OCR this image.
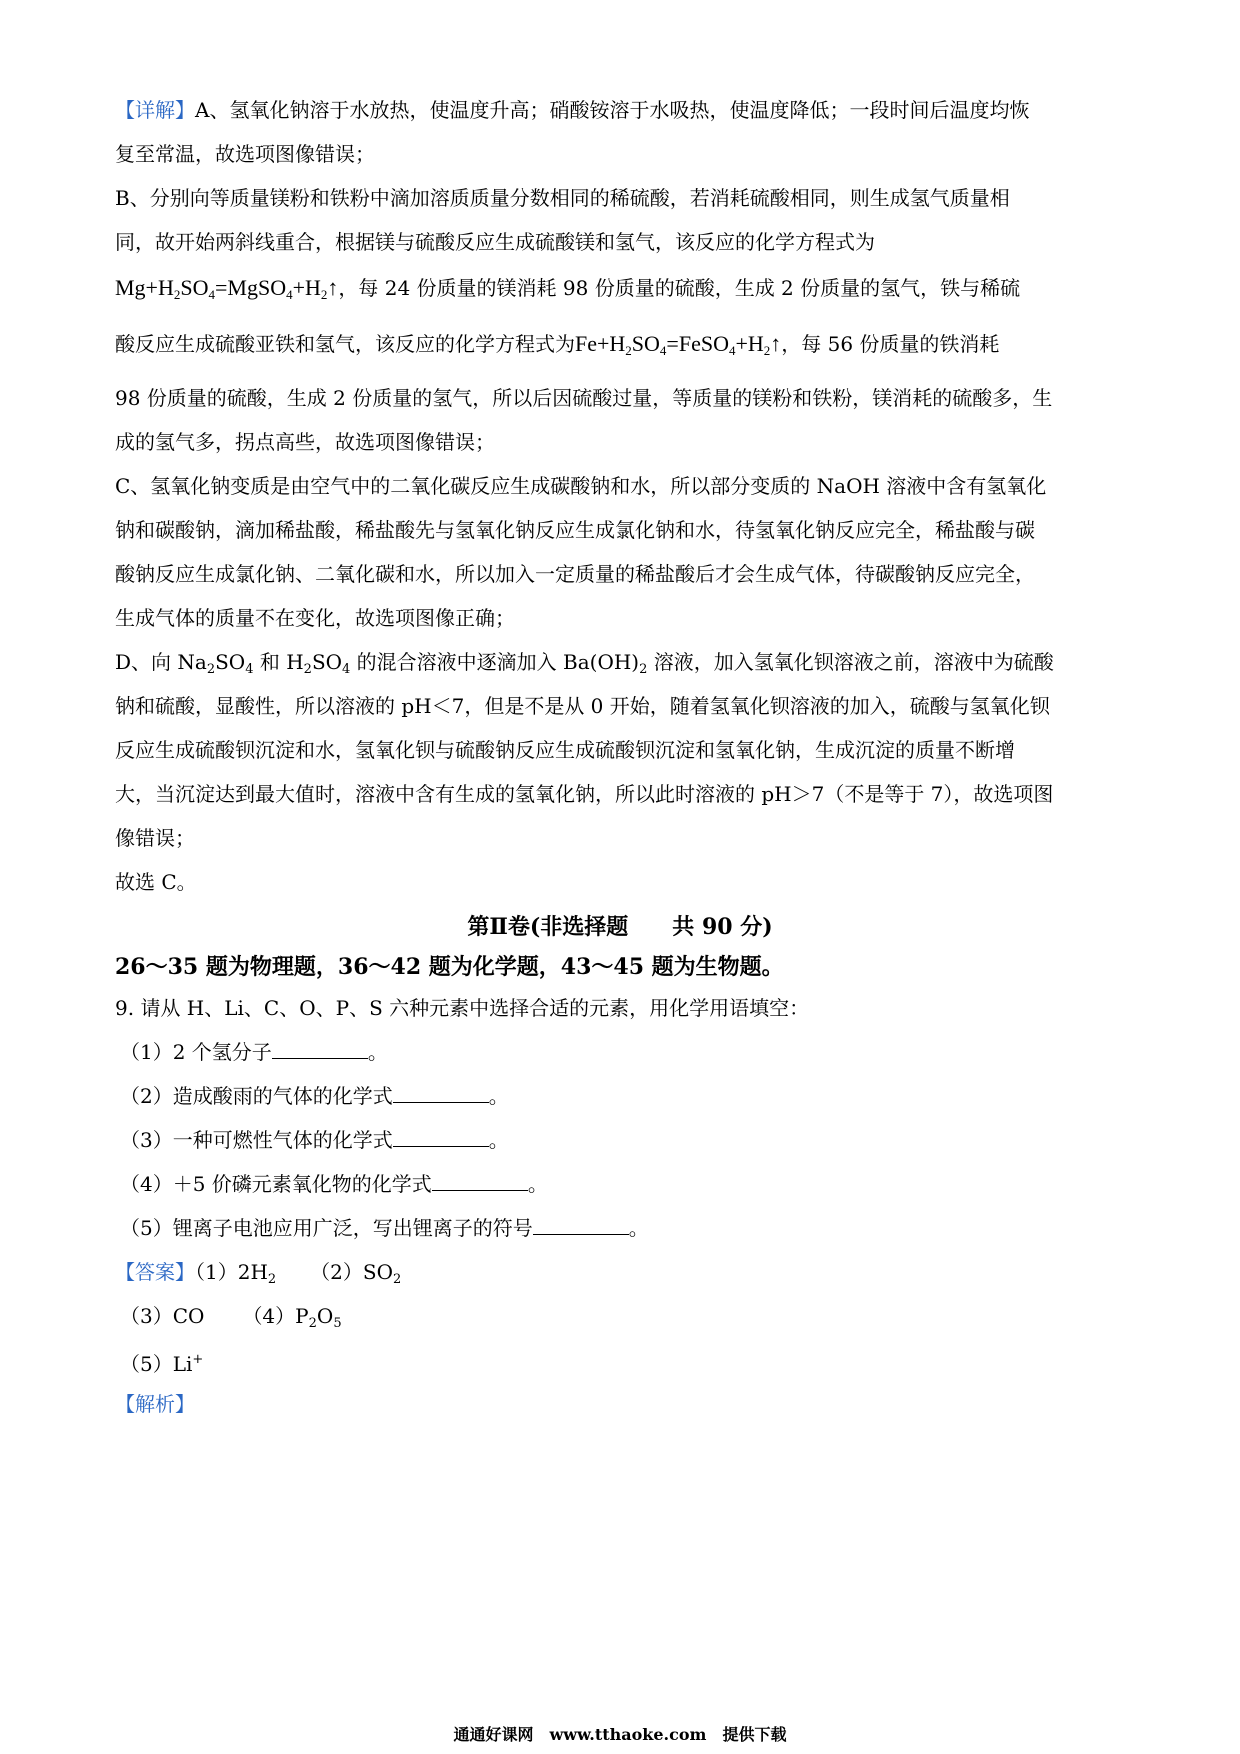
【详解】A、氢氧化钠溶于水放热，使温度升高；硝酸铵溶于水吸热，使温度降低；一段时间后温度均恢
复至常温，故选项图像错误；
B、分别向等质量镁粉和铁粉中滴加溶质质量分数相同的稀硫酸，若消耗硫酸相同，则生成氢气质量相
同，故开始两斜线重合，根据镁与硫酸反应生成硫酸镁和氢气，该反应的化学方程式为
$Mg+H_2SO_4=MgSO_4+H_2↑$，每 24 份质量的镁消耗 98 份质量的硫酸，生成 2 份质量的氢气，铁与稀硫
酸反应生成硫酸亚铁和氢气，该反应的化学方程式为$Fe+H_2SO_4=FeSO_4+H_2↑$，每 56 份质量的铁消耗
98 份质量的硫酸，生成 2 份质量的氢气，所以后因硫酸过量，等质量的镁粉和铁粉，镁消耗的硫酸多，生
成的氢气多，拐点高些，故选项图像错误；
C、氢氧化钠变质是由空气中的二氧化碳反应生成碳酸钠和水，所以部分变质的 NaOH 溶液中含有氢氧化
钠和碳酸钠，滴加稀盐酸，稀盐酸先与氢氧化钠反应生成氯化钠和水，待氢氧化钠反应完全，稀盐酸与碳
酸钠反应生成氯化钠、二氧化碳和水，所以加入一定质量的稀盐酸后才会生成气体，待碳酸钠反应完全，
生成气体的质量不在变化，故选项图像正确；
D、向 $Na_2SO_4$ 和 $H_2SO_4$ 的混合溶液中逐滴加入 $Ba(OH)_2$ 溶液，加入氢氧化钡溶液之前，溶液中为硫酸
钠和硫酸，显酸性，所以溶液的 pH＜7，但是不是从 0 开始，随着氢氧化钡溶液的加入，硫酸与氢氧化钡
反应生成硫酸钡沉淀和水，氢氧化钡与硫酸钠反应生成硫酸钡沉淀和氢氧化钠，生成沉淀的质量不断增
大，当沉淀达到最大值时，溶液中含有生成的氢氧化钠，所以此时溶液的 pH＞7（不是等于 7），故选项图
像错误；
故选 C。
第Ⅱ卷(非选择题　　共 90 分)
26～35 题为物理题，36～42 题为化学题，43～45 题为生物题。
9. 请从 H、Li、C、O、P、S 六种元素中选择合适的元素，用化学用语填空：
（1）2 个氢分子	。
（2）造成酸雨的气体的化学式	。
（3）一种可燃性气体的化学式	。
（4）＋5 价磷元素氧化物的化学式	。
（5）锂离子电池应用广泛，写出锂离子的符号	。
【答案】$(1)2H_2$ $(2)SO_2$
（3）CO $(4)P_2O_5$
（5）Li+
【解析】
通通好课网　www.tthaoke.com　提供下载
